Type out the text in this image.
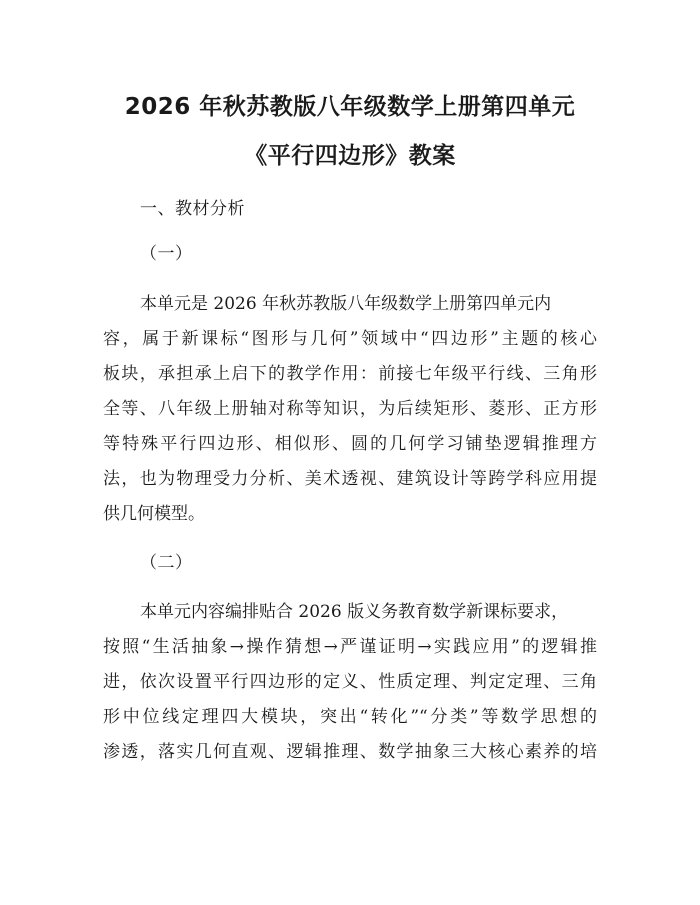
2026 年秋苏教版八年级数学上册第四单元
《平行四边形》教案
一、教材分析
（一）
本单元是 2026 年秋苏教版八年级数学上册第四单元内
容，属于新课标“图形与几何”领域中“四边形”主题的核心
板块，承担承上启下的教学作用：前接七年级平行线、三角形
全等、八年级上册轴对称等知识，为后续矩形、菱形、正方形
等特殊平行四边形、相似形、圆的几何学习铺垫逻辑推理方
法，也为物理受力分析、美术透视、建筑设计等跨学科应用提
供几何模型。
（二）
本单元内容编排贴合 2026 版义务教育数学新课标要求，
按照“生活抽象→操作猜想→严谨证明→实践应用”的逻辑推
进，依次设置平行四边形的定义、性质定理、判定定理、三角
形中位线定理四大模块，突出“转化”“分类”等数学思想的
渗透，落实几何直观、逻辑推理、数学抽象三大核心素养的培
